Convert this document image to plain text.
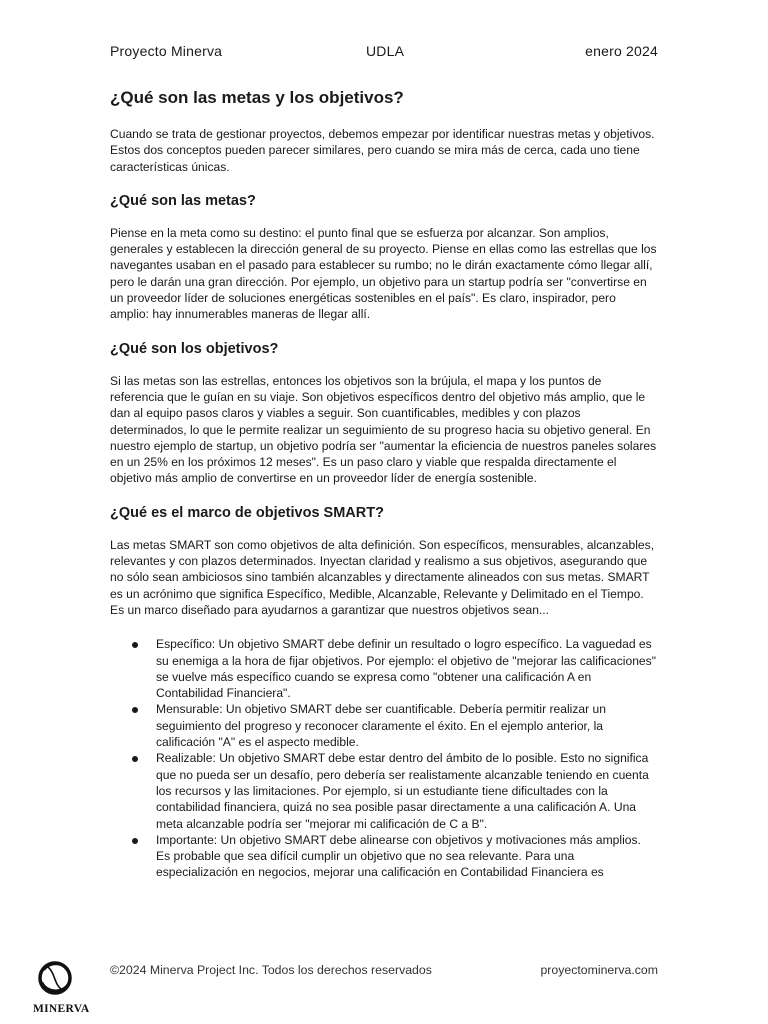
Proyecto Minerva	UDLA	enero 2024
¿Qué son las metas y los objetivos?

Cuando se trata de gestionar proyectos, debemos empezar por identificar nuestras metas y objetivos. Estos dos conceptos pueden parecer similares, pero cuando se mira más de cerca, cada uno tiene características únicas.

¿Qué son las metas?

Piense en la meta como su destino: el punto final que se esfuerza por alcanzar. Son amplios, generales y establecen la dirección general de su proyecto. Piense en ellas como las estrellas que los navegantes usaban en el pasado para establecer su rumbo; no le dirán exactamente cómo llegar allí, pero le darán una gran dirección. Por ejemplo, un objetivo para un startup podría ser "convertirse en un proveedor líder de soluciones energéticas sostenibles en el país". Es claro, inspirador, pero amplio: hay innumerables maneras de llegar allí.

¿Qué son los objetivos?

Si las metas son las estrellas, entonces los objetivos son la brújula, el mapa y los puntos de referencia que le guían en su viaje. Son objetivos específicos dentro del objetivo más amplio, que le dan al equipo pasos claros y viables a seguir. Son cuantificables, medibles y con plazos determinados, lo que le permite realizar un seguimiento de su progreso hacia su objetivo general. En nuestro ejemplo de startup, un objetivo podría ser "aumentar la eficiencia de nuestros paneles solares en un 25% en los próximos 12 meses". Es un paso claro y viable que respalda directamente el objetivo más amplio de convertirse en un proveedor líder de energía sostenible.

¿Qué es el marco de objetivos SMART?

Las metas SMART son como objetivos de alta definición. Son específicos, mensurables, alcanzables, relevantes y con plazos determinados. Inyectan claridad y realismo a sus objetivos, asegurando que no sólo sean ambiciosos sino también alcanzables y directamente alineados con sus metas. SMART es un acrónimo que significa Específico, Medible, Alcanzable, Relevante y Delimitado en el Tiempo. Es un marco diseñado para ayudarnos a garantizar que nuestros objetivos sean...

Específico: Un objetivo SMART debe definir un resultado o logro específico. La vaguedad es su enemiga a la hora de fijar objetivos. Por ejemplo: el objetivo de "mejorar las calificaciones" se vuelve más específico cuando se expresa como "obtener una calificación A en Contabilidad Financiera".
Mensurable: Un objetivo SMART debe ser cuantificable. Debería permitir realizar un seguimiento del progreso y reconocer claramente el éxito. En el ejemplo anterior, la calificación "A" es el aspecto medible.
Realizable: Un objetivo SMART debe estar dentro del ámbito de lo posible. Esto no significa que no pueda ser un desafío, pero debería ser realistamente alcanzable teniendo en cuenta los recursos y las limitaciones. Por ejemplo, si un estudiante tiene dificultades con la contabilidad financiera, quizá no sea posible pasar directamente a una calificación A. Una meta alcanzable podría ser "mejorar mi calificación de C a B".
Importante: Un objetivo SMART debe alinearse con objetivos y motivaciones más amplios. Es probable que sea difícil cumplir un objetivo que no sea relevante. Para una especialización en negocios, mejorar una calificación en Contabilidad Financiera es
MINERVA
©2024 Minerva Project Inc. Todos los derechos reservados	proyectominerva.com
